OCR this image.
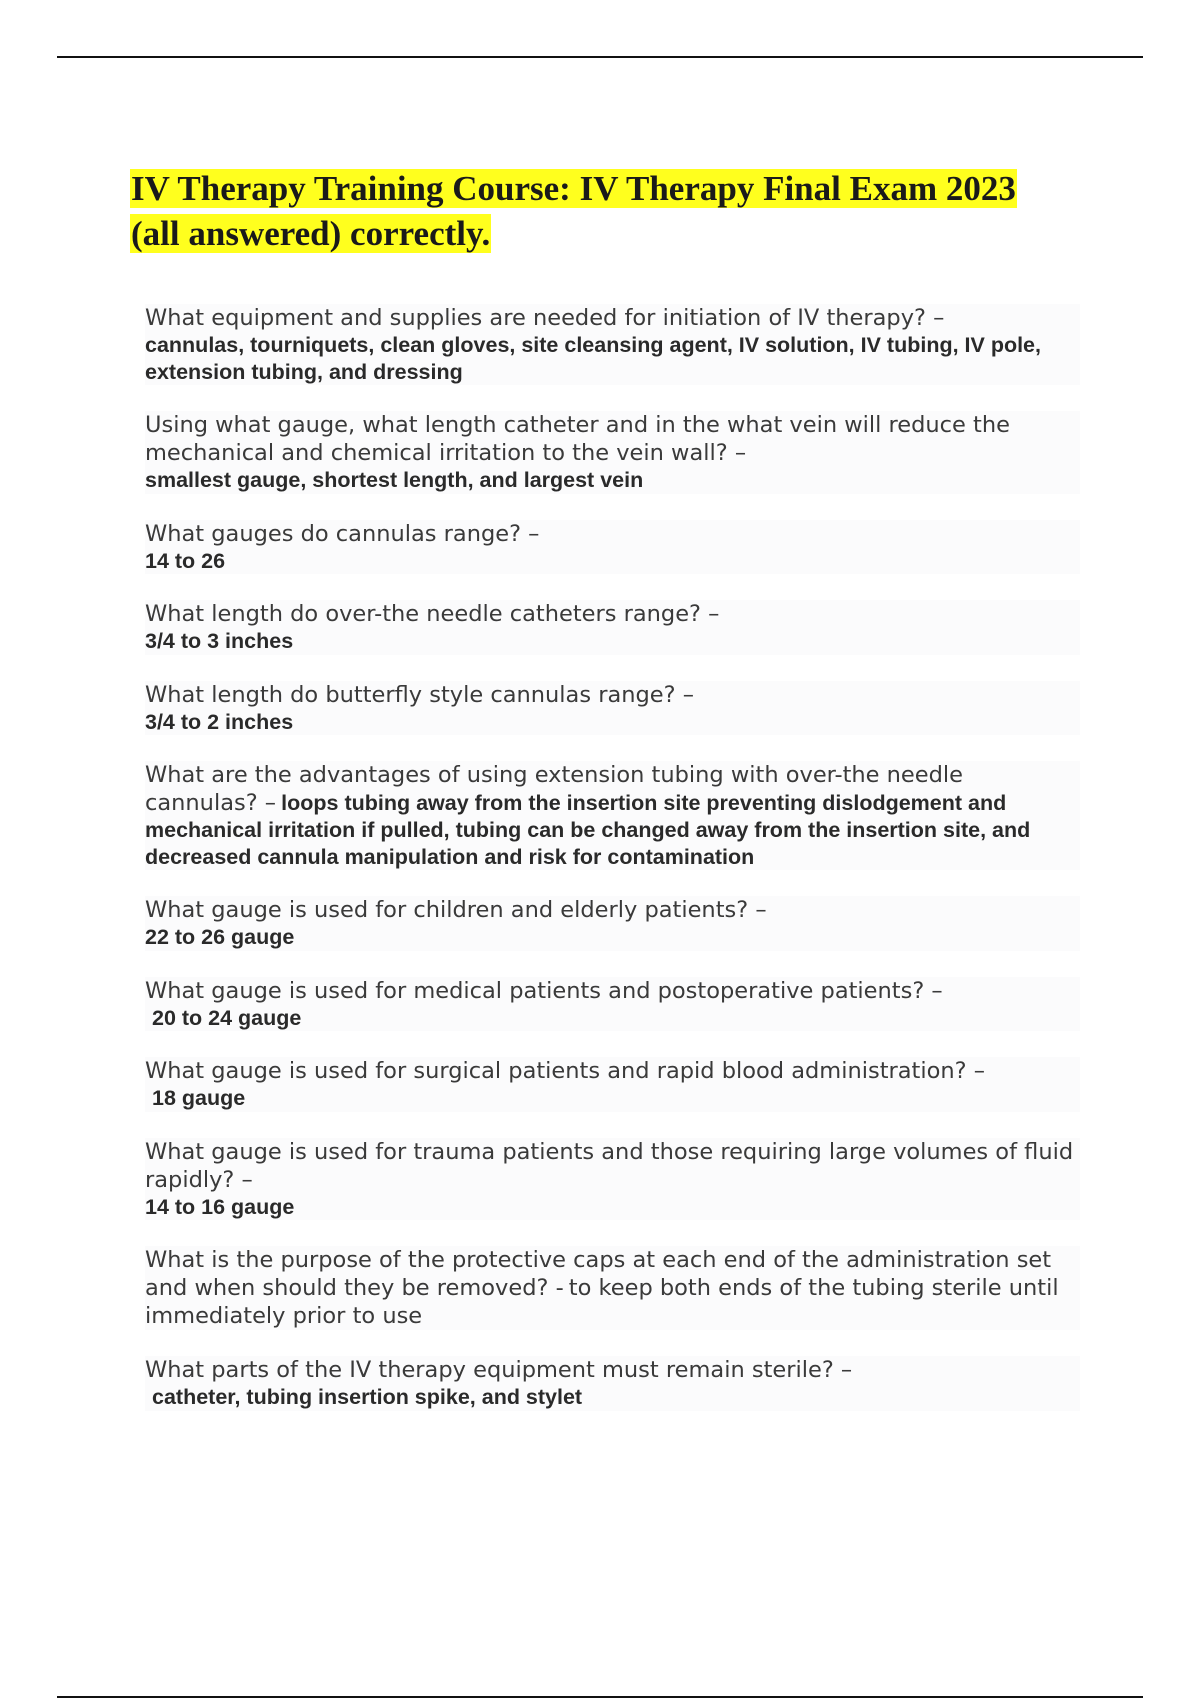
IV Therapy Training Course: IV Therapy Final Exam 2023
(all answered) correctly.
What equipment and supplies are needed for initiation of IV therapy? –
cannulas, tourniquets, clean gloves, site cleansing agent, IV solution, IV tubing, IV pole, extension tubing, and dressing
Using what gauge, what length catheter and in the what vein will reduce the mechanical and chemical irritation to the vein wall? –
smallest gauge, shortest length, and largest vein
What gauges do cannulas range? –
14 to 26
What length do over-the needle catheters range? –
3/4 to 3 inches
What length do butterfly style cannulas range? –
3/4 to 2 inches
What are the advantages of using extension tubing with over-the needle cannulas? – loops tubing away from the insertion site preventing dislodgement and mechanical irritation if pulled, tubing can be changed away from the insertion site, and decreased cannula manipulation and risk for contamination
What gauge is used for children and elderly patients? –
22 to 26 gauge
What gauge is used for medical patients and postoperative patients? –
20 to 24 gauge
What gauge is used for surgical patients and rapid blood administration? –
18 gauge
What gauge is used for trauma patients and those requiring large volumes of fluid rapidly? –
14 to 16 gauge
What is the purpose of the protective caps at each end of the administration set and when should they be removed? - to keep both ends of the tubing sterile until immediately prior to use
What parts of the IV therapy equipment must remain sterile? –
catheter, tubing insertion spike, and stylet
